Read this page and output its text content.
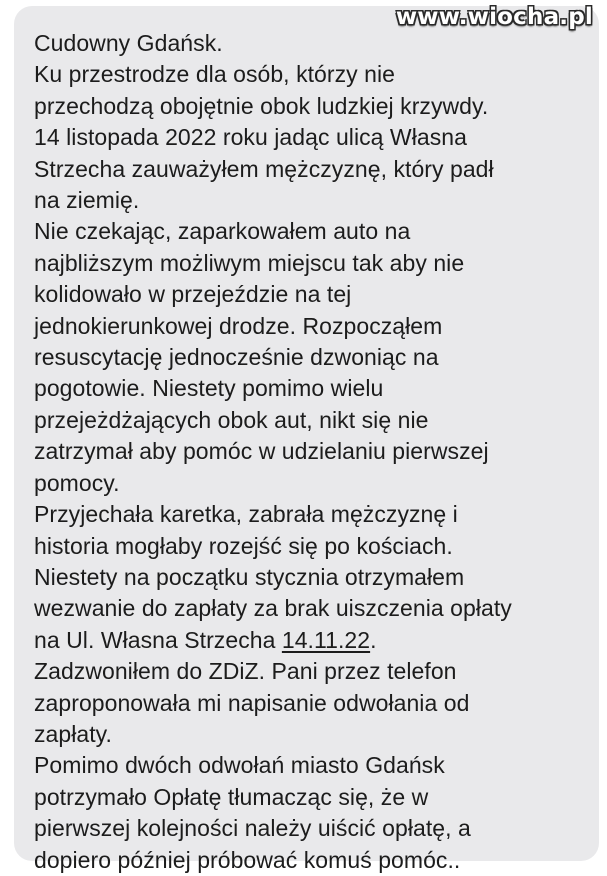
Cudowny Gdańsk.
Ku przestrodze dla osób, którzy nie
przechodzą obojętnie obok ludzkiej krzywdy.
14 listopada 2022 roku jadąc ulicą Własna
Strzecha zauważyłem mężczyznę, który padł
na ziemię.
Nie czekając, zaparkowałem auto na
najbliższym możliwym miejscu tak aby nie
kolidowało w przejeździe na tej
jednokierunkowej drodze. Rozpocząłem
resuscytację jednocześnie dzwoniąc na
pogotowie. Niestety pomimo wielu
przejeżdżających obok aut, nikt się nie
zatrzymał aby pomóc w udzielaniu pierwszej
pomocy.
Przyjechała karetka, zabrała mężczyznę i
historia mogłaby rozejść się po kościach.
Niestety na początku stycznia otrzymałem
wezwanie do zapłaty za brak uiszczenia opłaty
na Ul. Własna Strzecha 14.11.22.
Zadzwoniłem do ZDiZ. Pani przez telefon
zaproponowała mi napisanie odwołania od
zapłaty.
Pomimo dwóch odwołań miasto Gdańsk
potrzymało Opłatę tłumacząc się, że w
pierwszej kolejności należy uiścić opłatę, a
dopiero później próbować komuś pomóc..
www.wiocha.pl
